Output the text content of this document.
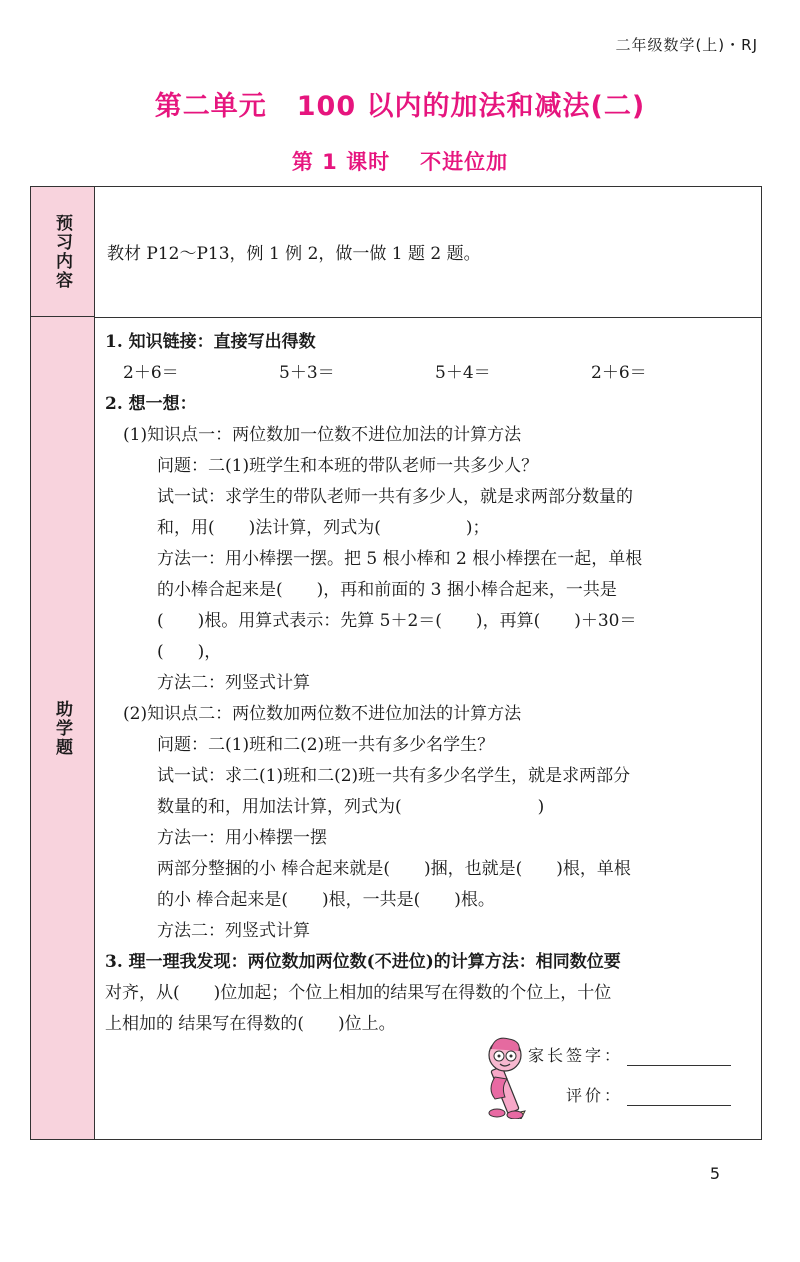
二年级数学(上)・RJ
第二单元 100 以内的加法和减法(二)
第 1 课时 不进位加
预习内容 教材 P12～P13，例 1 例 2，做一做 1 题 2 题。
助学题
1. 知识链接：直接写出得数
2＋6＝	5＋3＝	5＋4＝	2＋6＝
2. 想一想：
(1)知识点一：两位数加一位数不进位加法的计算方法
问题：二(1)班学生和本班的带队老师一共多少人？
试一试：求学生的带队老师一共有多少人，就是求两部分数量的
和，用(　　)法计算，列式为(　　　　　)；
方法一：用小棒摆一摆。把 5 根小棒和 2 根小棒摆在一起，单根
的小棒合起来是(　　)，再和前面的 3 捆小棒合起来，一共是
(　　)根。用算式表示：先算 5＋2＝(　　)，再算(　　)＋30＝
(　　)，
方法二：列竖式计算
(2)知识点二：两位数加两位数不进位加法的计算方法
问题：二(1)班和二(2)班一共有多少名学生？
试一试：求二(1)班和二(2)班一共有多少名学生，就是求两部分
数量的和，用加法计算，列式为(　　　　　　　　)
方法一：用小棒摆一摆
两部分整捆的小 棒合起来就是(　　)捆，也就是(　　)根，单根
的小 棒合起来是(　　)根，一共是(　　)根。
方法二：列竖式计算
3. 理一理我发现：两位数加两位数(不进位)的计算方法：相同数位要
对齐，从(　　)位加起；个位上相加的结果写在得数的个位上，十位
上相加的 结果写在得数的(　　)位上。
家长签字：
评价：
5
